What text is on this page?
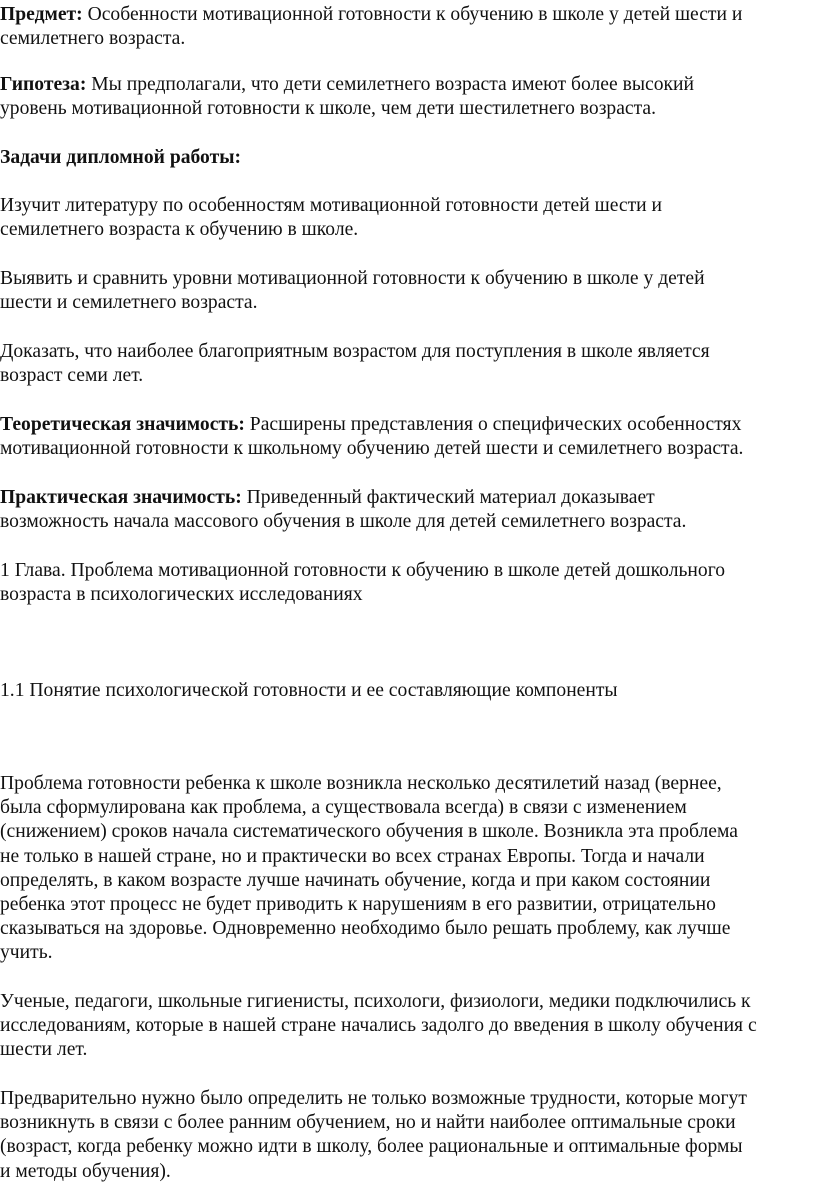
Предмет: Особенности мотивационной готовности к обучению в школе у детей шести и
семилетнего возраста.

Гипотеза: Мы предполагали, что дети семилетнего возраста имеют более высокий
уровень мотивационной готовности к школе, чем дети шестилетнего возраста.

Задачи дипломной работы:

Изучит литературу по особенностям мотивационной готовности детей шести и
семилетнего возраста к обучению в школе.

Выявить и сравнить уровни мотивационной готовности к обучению в школе у детей
шести и семилетнего возраста.

Доказать, что наиболее благоприятным возрастом для поступления в школе является
возраст семи лет.

Теоретическая значимость: Расширены представления о специфических особенностях
мотивационной готовности к школьному обучению детей шести и семилетнего возраста.

Практическая значимость: Приведенный фактический материал доказывает
возможность начала массового обучения в школе для детей семилетнего возраста.

1 Глава. Проблема мотивационной готовности к обучению в школе детей дошкольного
возраста в психологических исследованиях

1.1 Понятие психологической готовности и ее составляющие компоненты

Проблема готовности ребенка к школе возникла несколько десятилетий назад (вернее,
была сформулирована как проблема, а существовала всегда) в связи с изменением
(снижением) сроков начала систематического обучения в школе. Возникла эта проблема
не только в нашей стране, но и практически во всех странах Европы. Тогда и начали
определять, в каком возрасте лучше начинать обучение, когда и при каком состоянии
ребенка этот процесс не будет приводить к нарушениям в его развитии, отрицательно
сказываться на здоровье. Одновременно необходимо было решать проблему, как лучше
учить.

Ученые, педагоги, школьные гигиенисты, психологи, физиологи, медики подключились к
исследованиям, которые в нашей стране начались задолго до введения в школу обучения с
шести лет.

Предварительно нужно было определить не только возможные трудности, которые могут
возникнуть в связи с более ранним обучением, но и найти наиболее оптимальные сроки
(возраст, когда ребенку можно идти в школу, более рациональные и оптимальные формы
и методы обучения).
